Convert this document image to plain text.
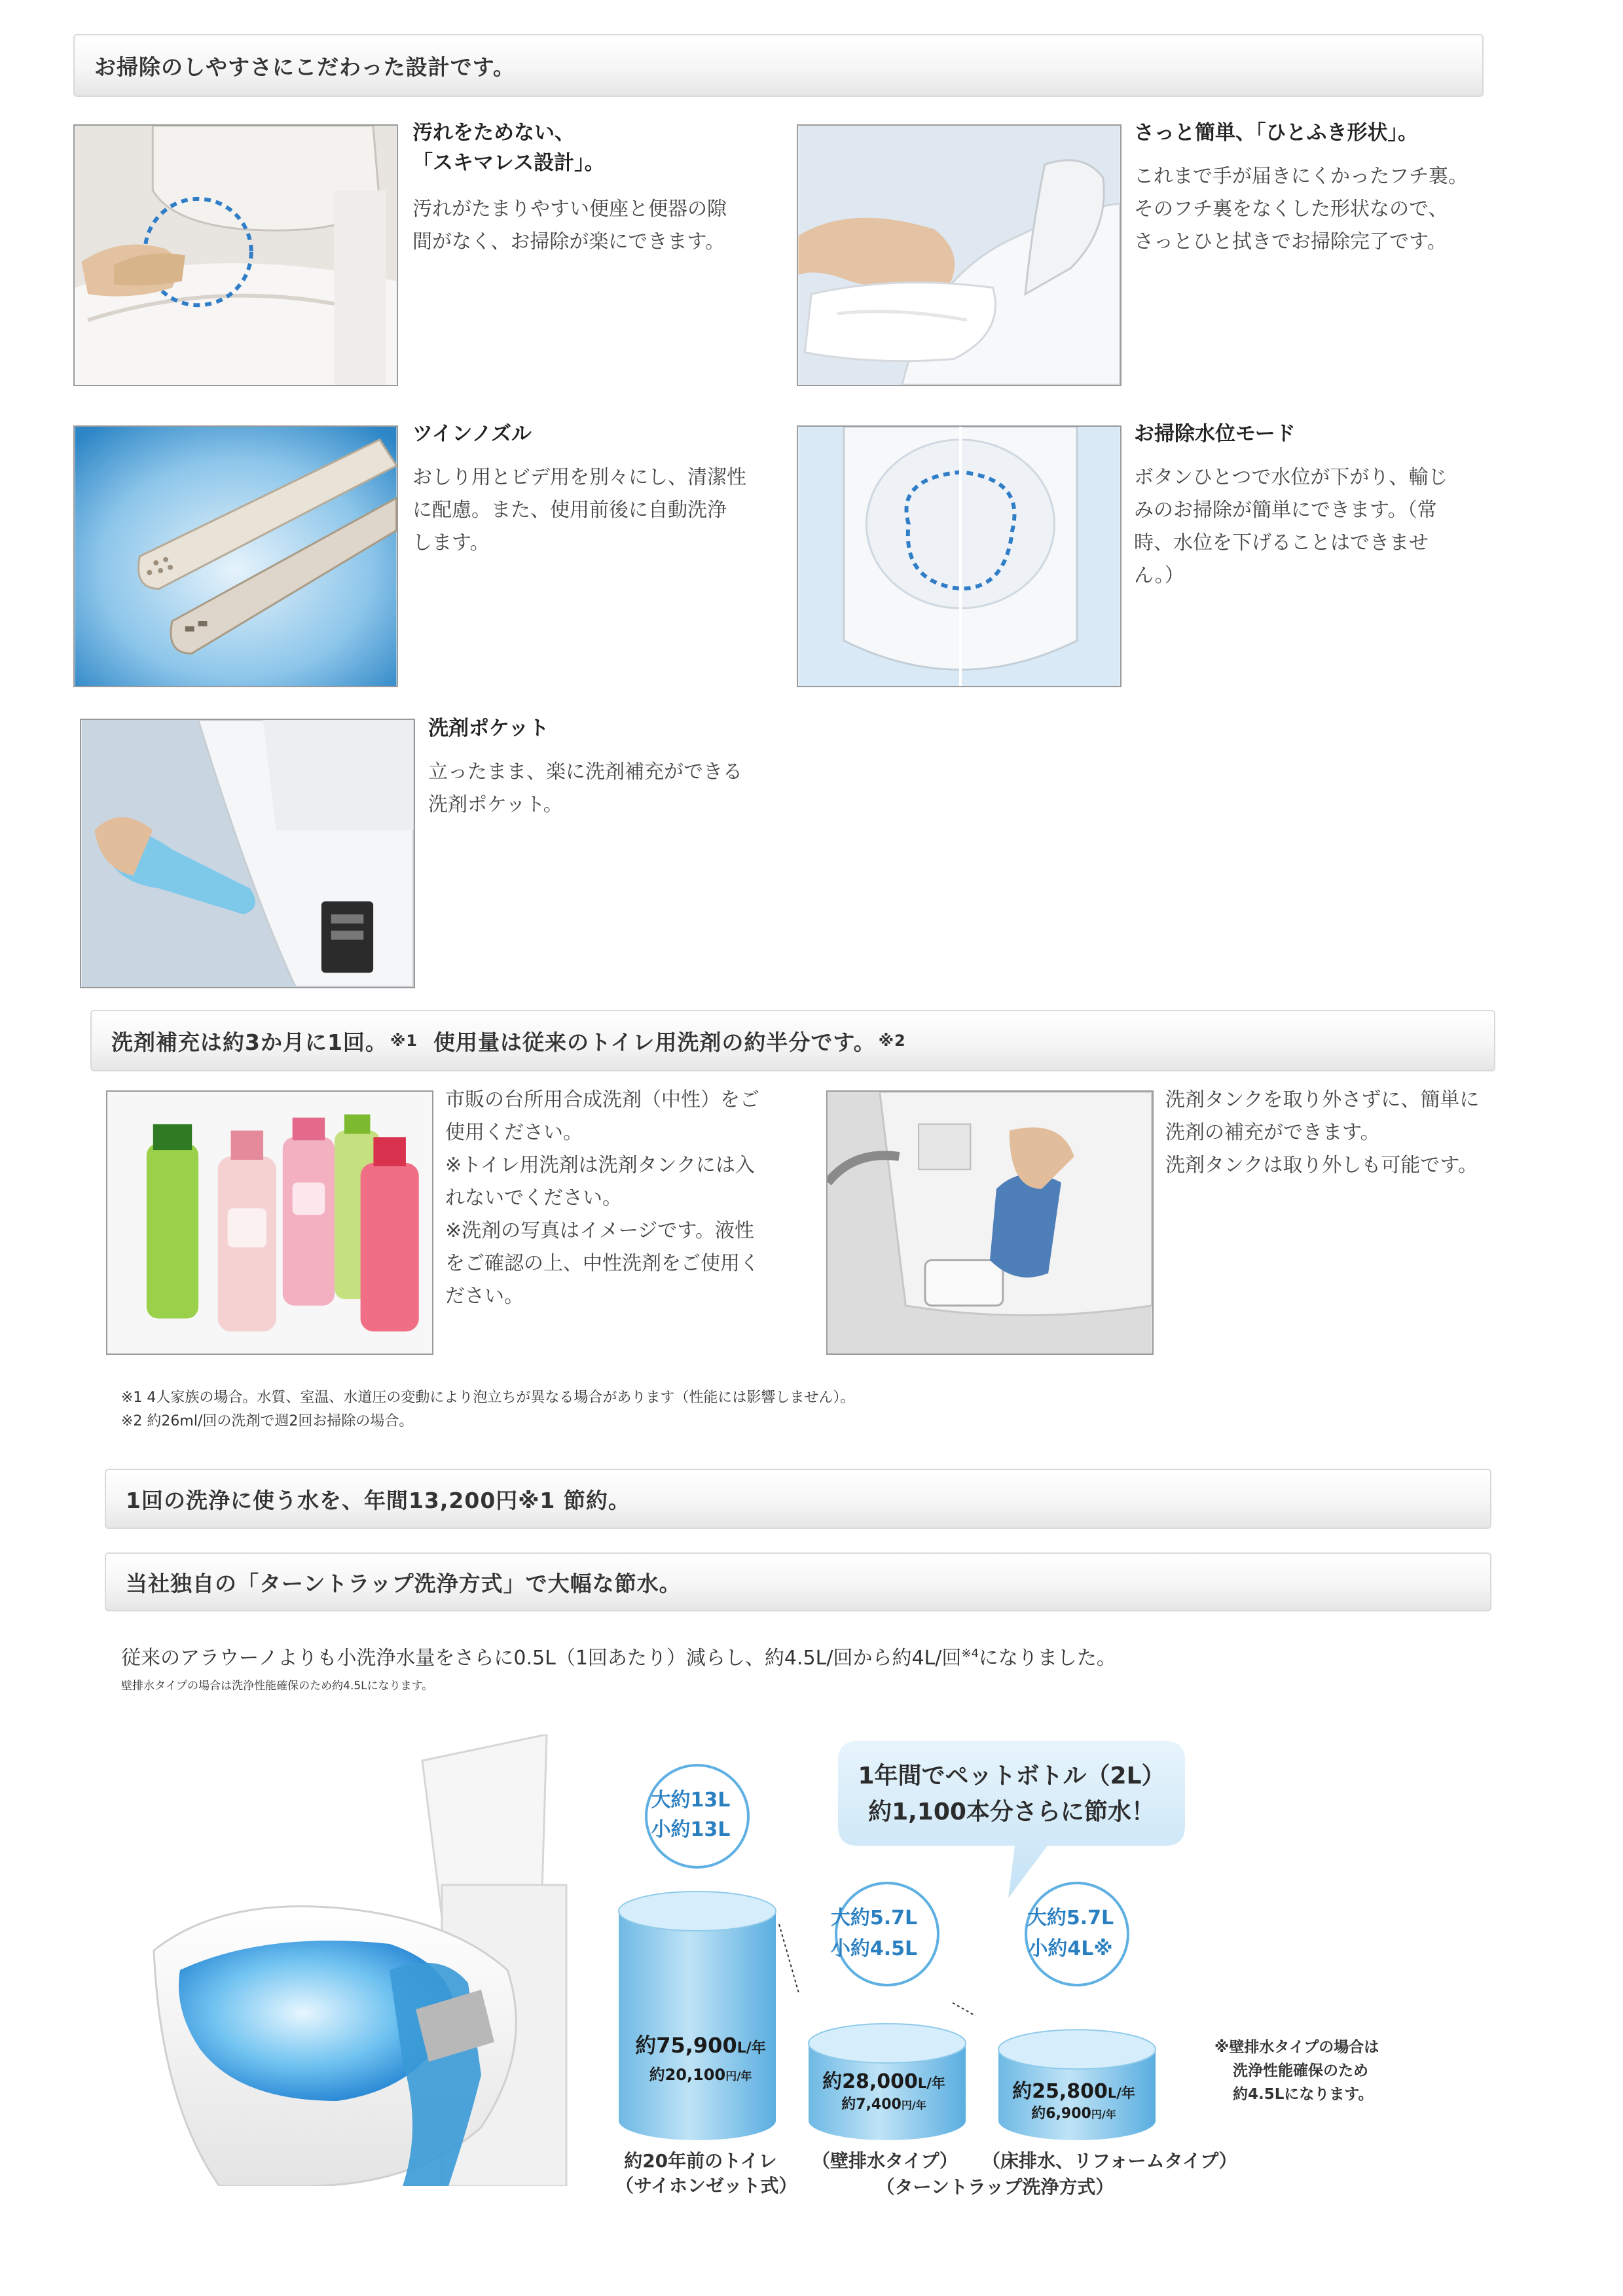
お掃除のしやすさにこだわった設計です。
汚れをためない、
「スキマレス設計」。
汚れがたまりやすい便座と便器の隙
間がなく、お掃除が楽にできます。
さっと簡単、「ひとふき形状」。
これまで手が届きにくかったフチ裏。
そのフチ裏をなくした形状なので、
さっとひと拭きでお掃除完了です。
ツインノズル
おしり用とビデ用を別々にし、清潔性
に配慮。また、使用前後に自動洗浄
します。
お掃除水位モード
ボタンひとつで水位が下がり、輸じ
みのお掃除が簡単にできます。（常
時、水位を下げることはできませ
ん。）
洗剤ポケット
立ったまま、楽に洗剤補充ができる
洗剤ポケット。
洗剤補充は約3か月に1回。 ※1 使用量は従来のトイレ用洗剤の約半分です。 ※2
市販の台所用合成洗剤（中性）をご
使用ください。
※トイレ用洗剤は洗剤タンクには入
れないでください。
※洗剤の写真はイメージです。液性
をご確認の上、中性洗剤をご使用く
ださい。
洗剤タンクを取り外さずに、簡単に
洗剤の補充ができます。
洗剤タンクは取り外しも可能です。
※1 4人家族の場合。水質、室温、水道圧の変動により泡立ちが異なる場合があります（性能には影響しません）。
※2 約26ml/回の洗剤で週2回お掃除の場合。
1回の洗浄に使う水を、年間13,200円※1 節約。
当社独自の「ターントラップ洗浄方式」で大幅な節水。
従来のアラウーノよりも小洗浄水量をさらに0.5L（1回あたり）減らし、約4.5L/回から約4L/回$^{※4}$になりました。
壁排水タイプの場合は洗浄性能確保のため約4.5Lになります。
1年間でペットボトル（2L）
約1,100本分さらに節水！
大約13L
小約13L
大約5.7L
小約4.5L
大約5.7L
小約4L※
約75,900L/年
約20,100円/年	約28,000L/年
約7,400円/年
約25,800L/年
約6,900円/年
約20年前のトイレ
（サイホンゼット式）
（壁排水タイプ） （床排水、リフォームタイプ）
（ターントラップ洗浄方式）
※壁排水タイプの場合は
洗浄性能確保のため
約4.5Lになります。
